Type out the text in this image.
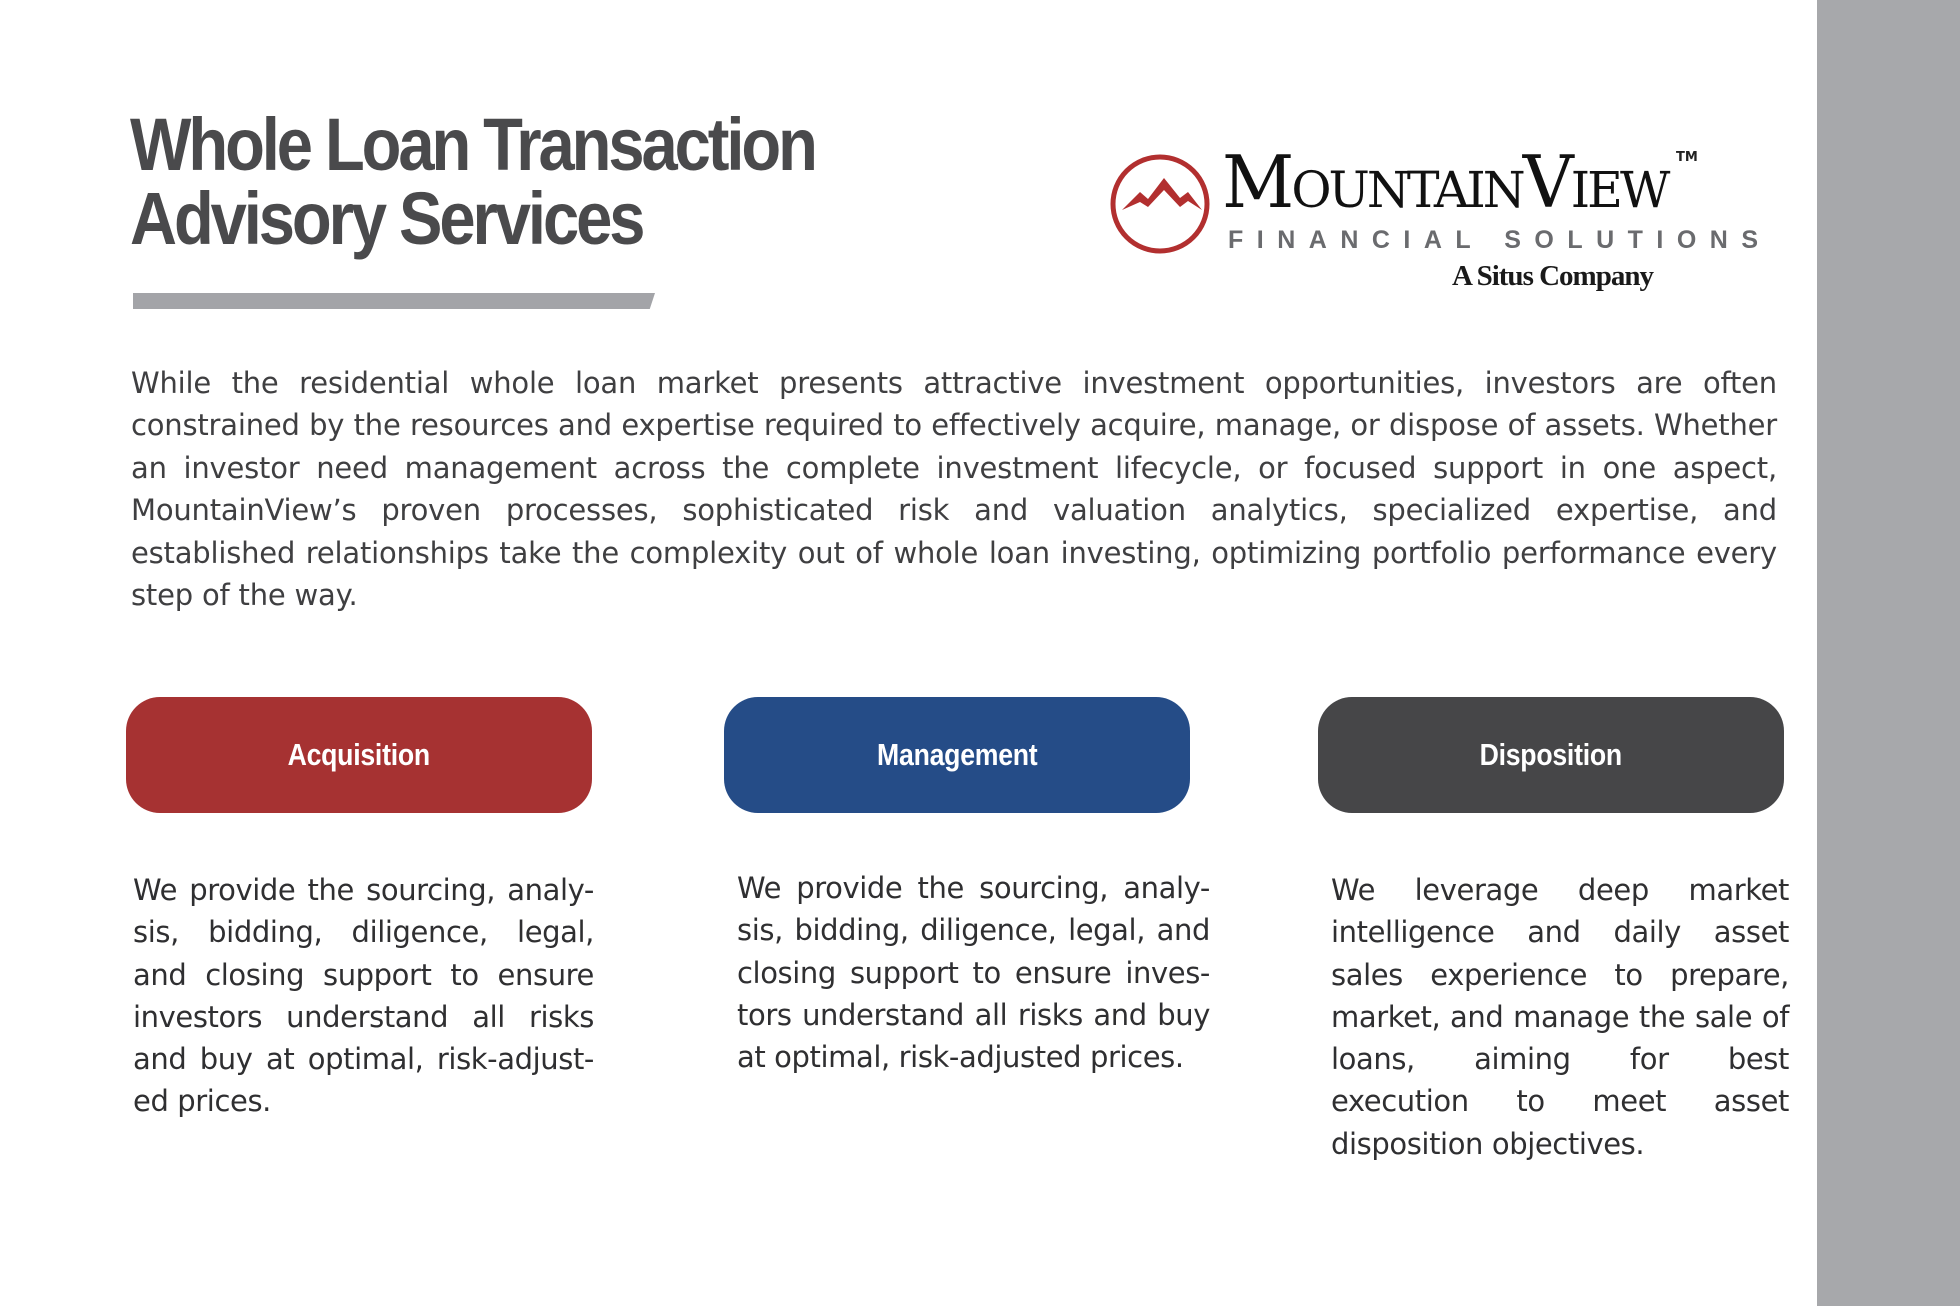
Whole Loan Transaction
Advisory Services	MOUNTAINVIEW
TM
FINANCIAL SOLUTIONS
A Situs Company

While the residential whole loan market presents attractive investment opportunities, investors are often constrained by the resources and expertise required to effectively acquire, manage, or dispose of assets. Whether an investor need management across the complete investment lifecycle, or focused support in one aspect, MountainView’s proven processes, sophisticated risk and valuation analytics, specialized expertise, and established relationships take the complexity out of whole loan investing, optimizing portfolio performance every step of the way.

Acquisition	Management	Disposition
We provide the sourcing, analy-
sis, bidding, diligence, legal,
and closing support to ensure
investors understand all risks
and buy at optimal, risk-adjust-
ed prices.
We provide the sourcing, analy-
sis, bidding, diligence, legal, and
closing support to ensure inves-
tors understand all risks and buy
at optimal, risk-adjusted prices.
We leverage deep market
intelligence and daily asset
sales experience to prepare,
market, and manage the sale of
loans, aiming for best
execution to meet asset
disposition objectives.
